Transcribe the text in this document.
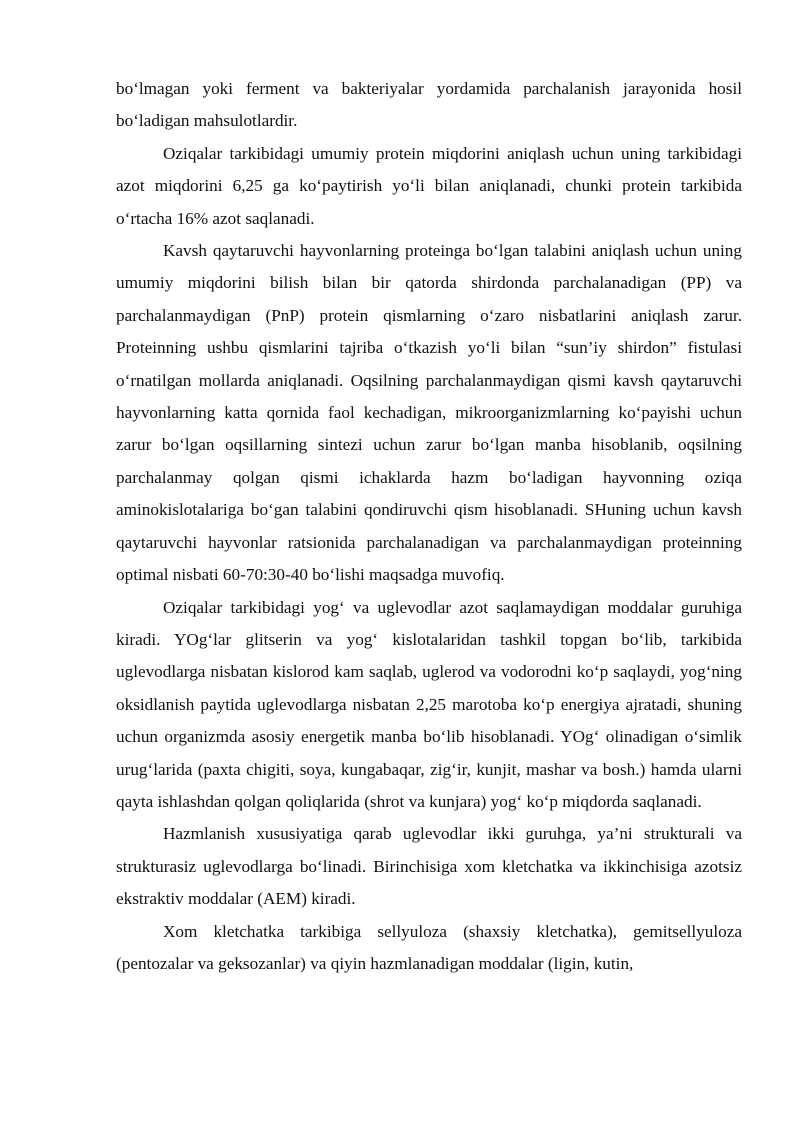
bo‘lmagan yoki ferment va bakteriyalar yordamida parchalanish jarayonida hosil bo‘ladigan mahsulotlardir.

Oziqalar tarkibidagi umumiy protein miqdorini aniqlash uchun uning tarkibidagi azot miqdorini 6,25 ga ko‘paytirish yo‘li bilan aniqlanadi, chunki protein tarkibida o‘rtacha 16% azot saqlanadi.

Kavsh qaytaruvchi hayvonlarning proteinga bo‘lgan talabini aniqlash uchun uning umumiy miqdorini bilish bilan bir qatorda shirdonda parchalanadigan (PP) va parchalanmaydigan (PnP) protein qismlarning o‘zaro nisbatlarini aniqlash zarur. Proteinning ushbu qismlarini tajriba o‘tkazish yo‘li bilan “sun’iy shirdon” fistulasi o‘rnatilgan mollarda aniqlanadi. Oqsilning parchalanmaydigan qismi kavsh qaytaruvchi hayvonlarning katta qornida faol kechadigan, mikroorganizmlarning ko‘payishi uchun zarur bo‘lgan oqsillarning sintezi uchun zarur bo‘lgan manba hisoblanib, oqsilning parchalanmay qolgan qismi ichaklarda hazm bo‘ladigan hayvonning oziqa aminokislotalariga bo‘gan talabini qondiruvchi qism hisoblanadi. SHuning uchun kavsh qaytaruvchi hayvonlar ratsionida parchalanadigan va parchalanmaydigan proteinning optimal nisbati 60-70:30-40 bo‘lishi maqsadga muvofiq.

Oziqalar tarkibidagi yog‘ va uglevodlar azot saqlamaydigan moddalar guruhiga kiradi. YOg‘lar glitserin va yog‘ kislotalaridan tashkil topgan bo‘lib, tarkibida uglevodlarga nisbatan kislorod kam saqlab, uglerod va vodorodni ko‘p saqlaydi, yog‘ning oksidlanish paytida uglevodlarga nisbatan 2,25 marotoba ko‘p energiya ajratadi, shuning uchun organizmda asosiy energetik manba bo‘lib hisoblanadi. YOg‘ olinadigan o‘simlik urug‘larida (paxta chigiti, soya, kungabaqar, zig‘ir, kunjit, mashar va bosh.) hamda ularni qayta ishlashdan qolgan qoliqlarida (shrot va kunjara) yog‘ ko‘p miqdorda saqlanadi.

Hazmlanish xususiyatiga qarab uglevodlar ikki guruhga, ya’ni strukturali va strukturasiz uglevodlarga bo‘linadi. Birinchisiga xom kletchatka va ikkinchisiga azotsiz ekstraktiv moddalar (AEM) kiradi.

Xom kletchatka tarkibiga sellyuloza (shaxsiy kletchatka), gemitsellyuloza (pentozalar va geksozanlar) va qiyin hazmlanadigan moddalar (ligin, kutin,
